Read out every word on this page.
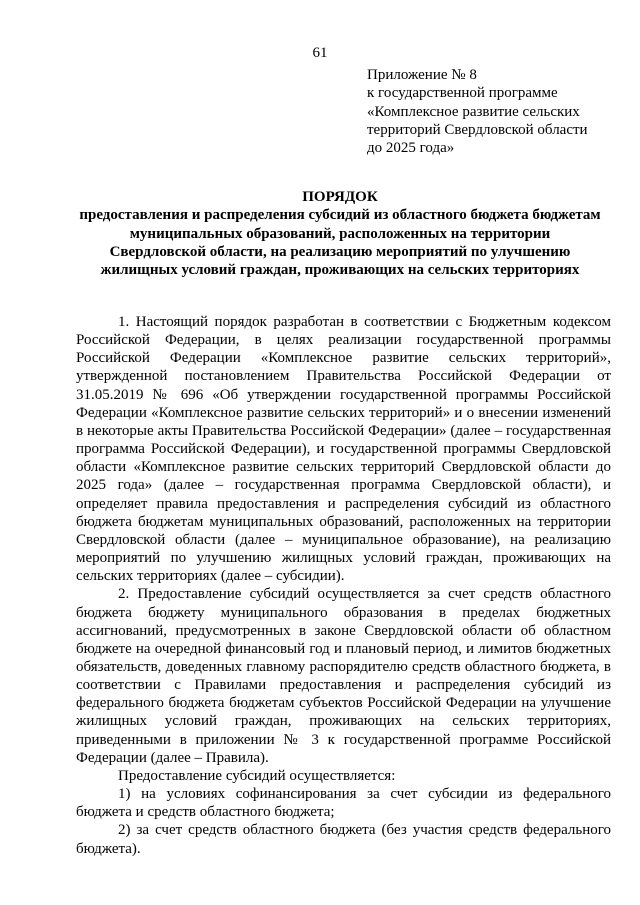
61
Приложение № 8
к государственной программе
«Комплексное развитие сельских
территорий Свердловской области
до 2025 года»
ПОРЯДОК
предоставления и распределения субсидий из областного бюджета бюджетам
муниципальных образований, расположенных на территории
Свердловской области, на реализацию мероприятий по улучшению
жилищных условий граждан, проживающих на сельских территориях

1. Настоящий порядок разработан в соответствии с Бюджетным кодексом Российской Федерации, в целях реализации государственной программы Российской Федерации «Комплексное развитие сельских территорий», утвержденной постановлением Правительства Российской Федерации от 31.05.2019 № 696 «Об утверждении государственной программы Российской Федерации «Комплексное развитие сельских территорий» и о внесении изменений в некоторые акты Правительства Российской Федерации» (далее – государственная программа Российской Федерации), и государственной программы Свердловской области «Комплексное развитие сельских территорий Свердловской области до 2025 года» (далее – государственная программа Свердловской области), и определяет правила предоставления и распределения субсидий из областного бюджета бюджетам муниципальных образований, расположенных на территории Свердловской области (далее – муниципальное образование), на реализацию мероприятий по улучшению жилищных условий граждан, проживающих на сельских территориях (далее – субсидии).

2. Предоставление субсидий осуществляется за счет средств областного бюджета бюджету муниципального образования в пределах бюджетных ассигнований, предусмотренных в законе Свердловской области об областном бюджете на очередной финансовый год и плановый период, и лимитов бюджетных обязательств, доведенных главному распорядителю средств областного бюджета, в соответствии с Правилами предоставления и распределения субсидий из федерального бюджета бюджетам субъектов Российской Федерации на улучшение жилищных условий граждан, проживающих на сельских территориях, приведенными в приложении № 3 к государственной программе Российской Федерации (далее – Правила).

Предоставление субсидий осуществляется:

1) на условиях софинансирования за счет субсидии из федерального бюджета и средств областного бюджета;

2) за счет средств областного бюджета (без участия средств федерального бюджета).
